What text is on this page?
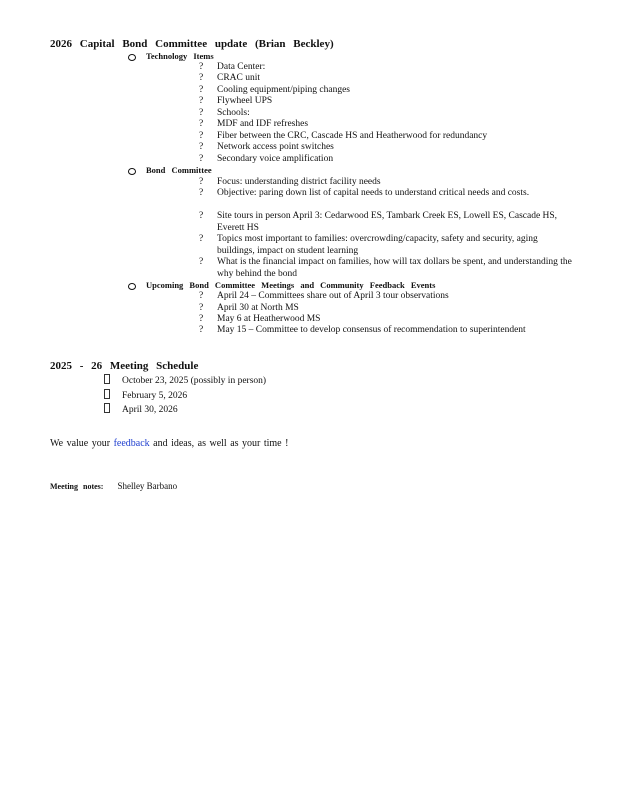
2026 Capital Bond Committee update (Brian Beckley)
Technology Items
? Data Center:
? CRAC unit
? Cooling equipment/piping changes
? Flywheel UPS
? Schools:
? MDF and IDF refreshes
? Fiber between the CRC, Cascade HS and Heatherwood for redundancy
? Network access point switches
? Secondary voice amplification
Bond Committee
? Focus: understanding district facility needs
? Objective: paring down list of capital needs to understand critical needs and costs.
? Site tours in person April 3: Cedarwood ES, Tambark Creek ES, Lowell ES, Cascade HS, Everett HS
? Topics most important to families: overcrowding/capacity, safety and security, aging buildings, impact on student learning
? What is the financial impact on families, how will tax dollars be spent, and understanding the why behind the bond
Upcoming Bond Committee Meetings and Community Feedback Events
? April 24 – Committees share out of April 3 tour observations
? April 30 at North MS
? May 6 at Heatherwood MS
? May 15 – Committee to develop consensus of recommendation to superintendent
2025 - 26 Meeting Schedule
October 23, 2025 (possibly in person)
February 5, 2026
April 30, 2026
We value your feedback and ideas, as well as your time !
Meeting notes: Shelley Barbano
